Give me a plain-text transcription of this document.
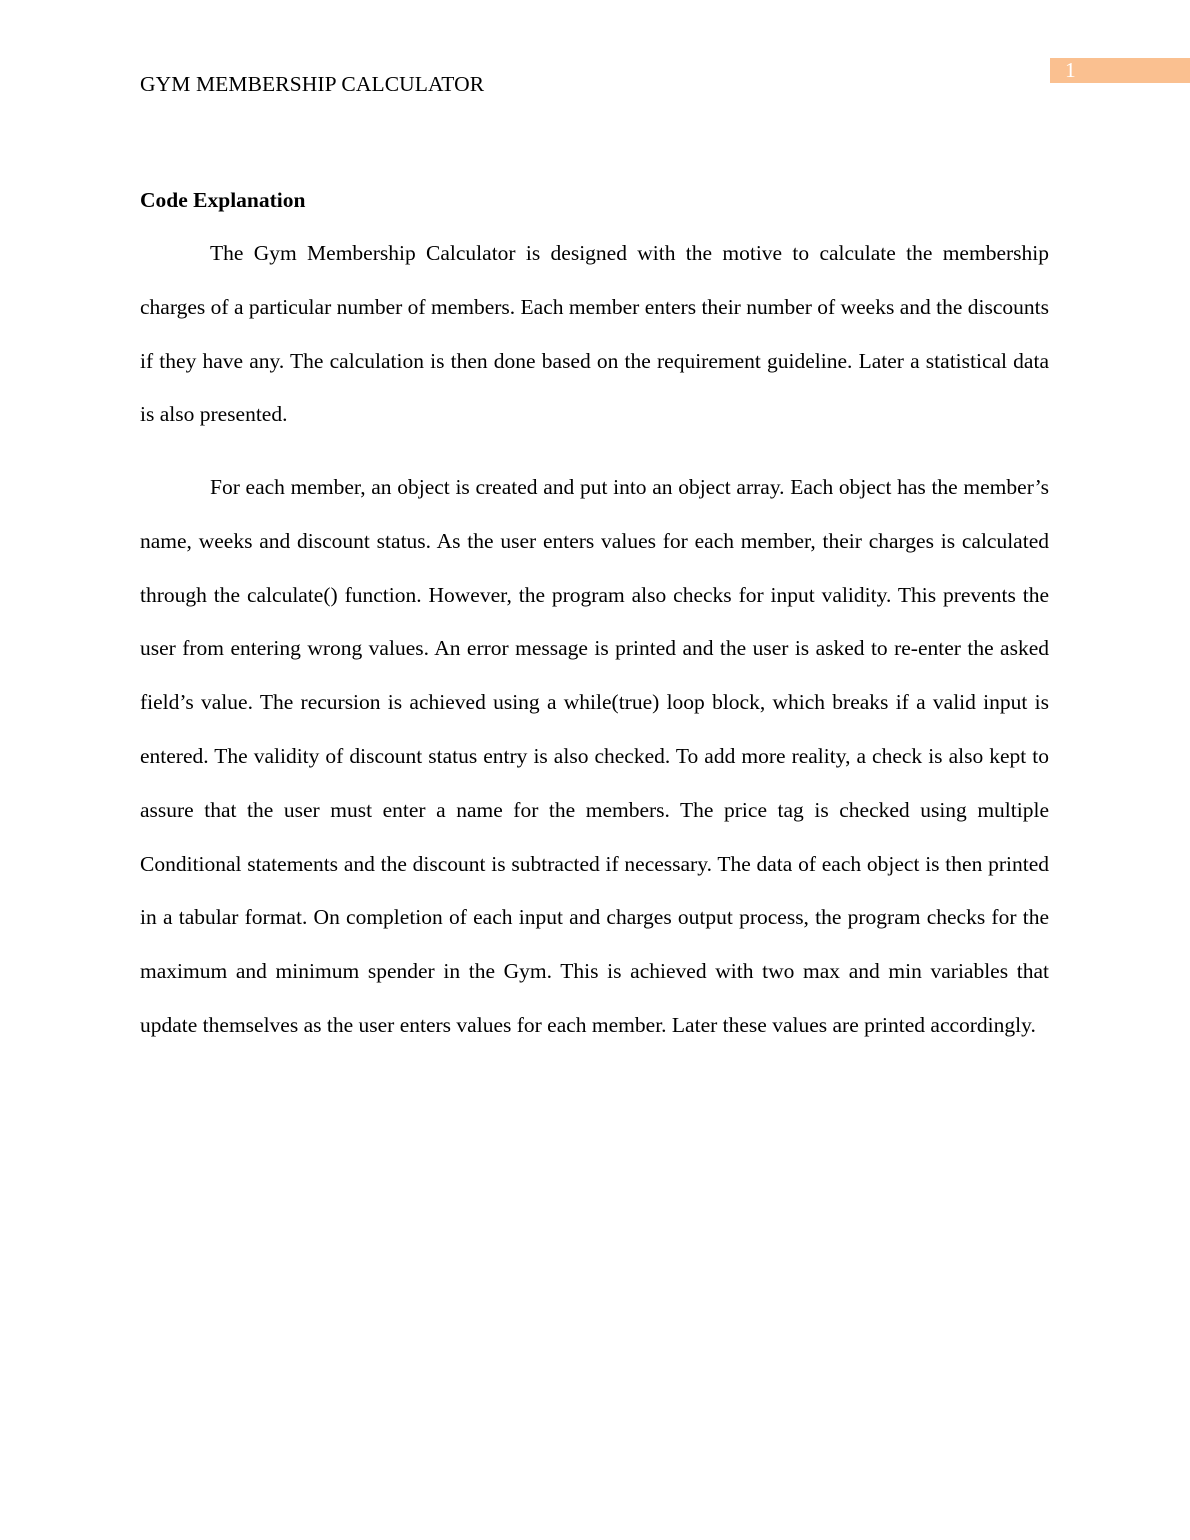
GYM MEMBERSHIP CALCULATOR
1
Code Explanation

The Gym Membership Calculator is designed with the motive to calculate the membership charges of a particular number of members. Each member enters their number of weeks and the discounts if they have any. The calculation is then done based on the requirement guideline. Later a statistical data is also presented.

For each member, an object is created and put into an object array. Each object has the member’s name, weeks and discount status. As the user enters values for each member, their charges is calculated through the calculate() function. However, the program also checks for input validity. This prevents the user from entering wrong values. An error message is printed and the user is asked to re-enter the asked field’s value. The recursion is achieved using a while(true) loop block, which breaks if a valid input is entered. The validity of discount status entry is also checked. To add more reality, a check is also kept to assure that the user must enter a name for the members. The price tag is checked using multiple Conditional statements and the discount is subtracted if necessary. The data of each object is then printed in a tabular format. On completion of each input and charges output process, the program checks for the maximum and minimum spender in the Gym. This is achieved with two max and min variables that update themselves as the user enters values for each member. Later these values are printed accordingly.
